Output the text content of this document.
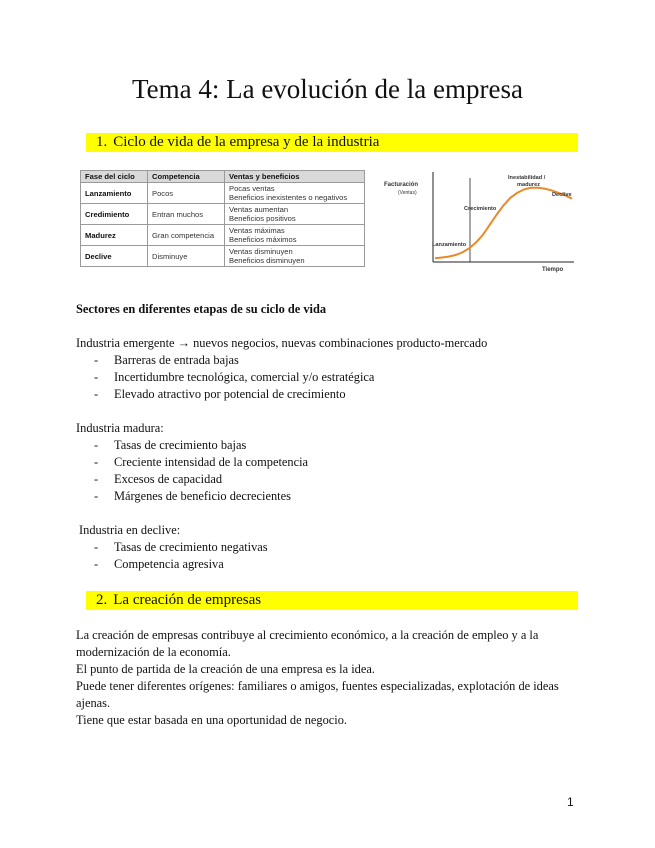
Tema 4: La evolución de la empresa
1. Ciclo de vida de la empresa y de la industria
Fase del ciclo	Competencia	Ventas y beneficios
Lanzamiento	Pocos	Pocas ventas
Beneficios inexistentes o negativos

Credimiento	Entran muchos	Ventas aumentan
Beneficios positivos

Madurez	Gran competencia	Ventas máximas
Beneficios máximos

Declive	Disminuye	Ventas disminuyen
Beneficios disminuyen
Facturación
(Ventas)
Tiempo
Lanzamiento
Crecimiento
Inestabilidad / madurez
Declive

Sectores en diferentes etapas de su ciclo de vida

Industria emergente → nuevos negocios, nuevas combinaciones producto-mercado

- Barreras de entrada bajas
- Incertidumbre tecnológica, comercial y/o estratégica
- Elevado atractivo por potencial de crecimiento

Industria madura:

- Tasas de crecimiento bajas
- Creciente intensidad de la competencia
- Excesos de capacidad
- Márgenes de beneficio decrecientes

Industria en declive:

- Tasas de crecimiento negativas
- Competencia agresiva
2. La creación de empresas

La creación de empresas contribuye al crecimiento económico, a la creación de empleo y a la

modernización de la economía.

El punto de partida de la creación de una empresa es la idea.

Puede tener diferentes orígenes: familiares o amigos, fuentes especializadas, explotación de ideas

ajenas.

Tiene que estar basada en una oportunidad de negocio.

1
